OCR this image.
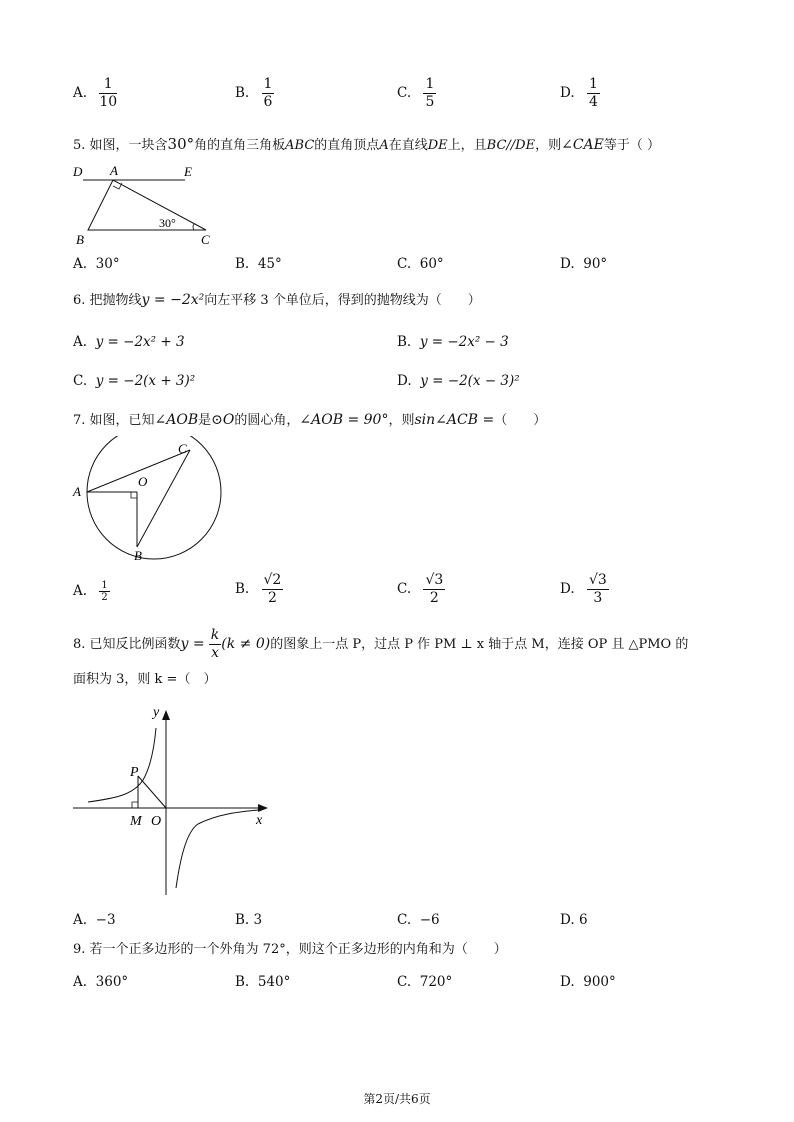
A. $\frac{1}{10}$	B. $\frac{1}{6}$	C. $\frac{1}{5}$	D. $\frac{1}{4}$
5. 如图，一块含30°角的直角三角板ABC的直角顶点A在直线DE上，且BC//DE，则∠CAE等于（ ）
D A	E
B	C
30°
A. 30°	B. 45°	C. 60°	D. 90°
6. 把抛物线y = −2x²向左平移 3 个单位后，得到的抛物线为（　　）
A. y = −2x² + 3	B. y = −2x² − 3
C. y = −2(x + 3)²	D. y = −2(x − 3)²
7. 如图，已知∠AOB是⊙O的圆心角，∠AOB = 90°，则sin∠ACB =（　　）
A
B
C
O
A. $\frac{1}{2}$	B. $\frac{√2}{2}$	C. $\frac{√3}{2}$	D. $\frac{√3}{3}$
8. 已知反比例函数$y = \frac{k}{x} (k \ne 0)$的图象上一点 P，过点 P 作 PM ⊥ x 轴于点 M，连接 OP 且 △PMO 的
面积为 3，则 k =（　）
y
x
P
M O
A. −3	B. 3	C. −6	D. 6
9. 若一个正多边形的一个外角为 72°，则这个正多边形的内角和为（　　）
A. 360°	B. 540°	C. 720°	D. 900°
第2页/共6页
